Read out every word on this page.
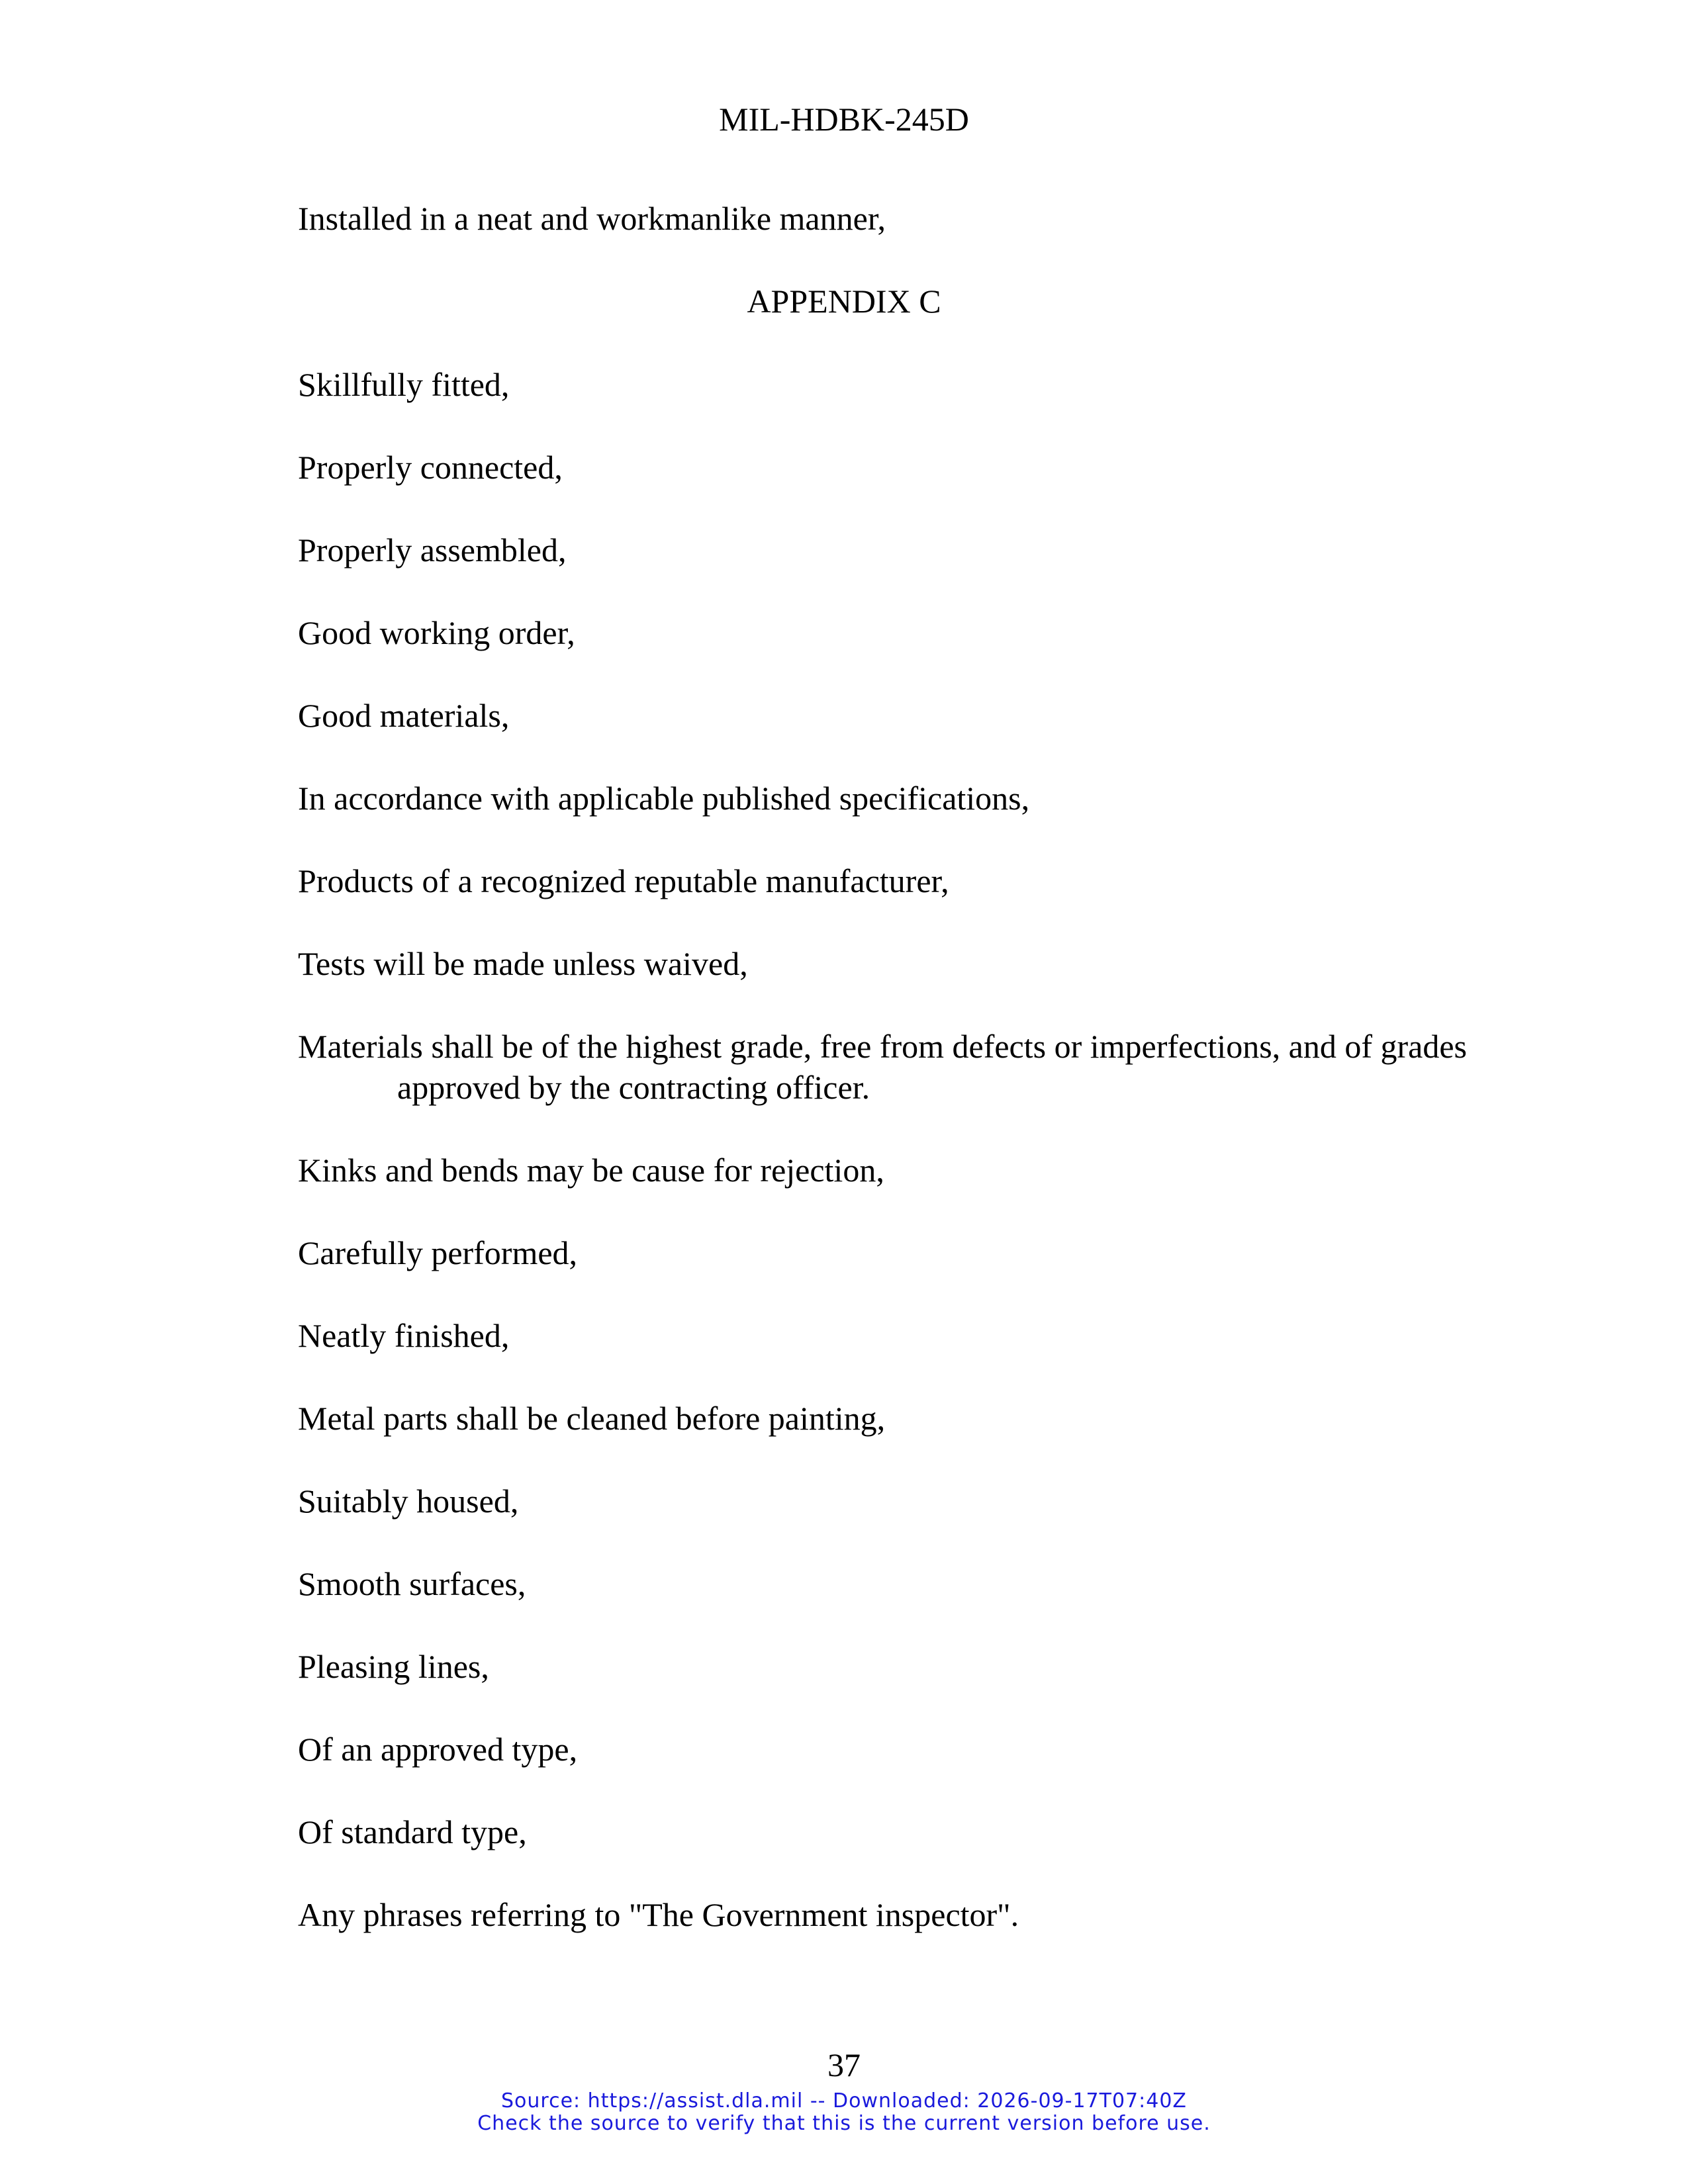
MIL-HDBK-245D
Installed in a neat and workmanlike manner,
APPENDIX C
Skillfully fitted,
Properly connected,
Properly assembled,
Good working order,
Good materials,
In accordance with applicable published specifications,
Products of a recognized reputable manufacturer,
Tests will be made unless waived,
Materials shall be of the highest grade, free from defects or imperfections, and of grades approved by the contracting officer.
Kinks and bends may be cause for rejection,
Carefully performed,
Neatly finished,
Metal parts shall be cleaned before painting,
Suitably housed,
Smooth surfaces,
Pleasing lines,
Of an approved type,
Of standard type,
Any phrases referring to "The Government inspector".
37
Source: https://assist.dla.mil -- Downloaded: 2026-09-17T07:40Z
Check the source to verify that this is the current version before use.
